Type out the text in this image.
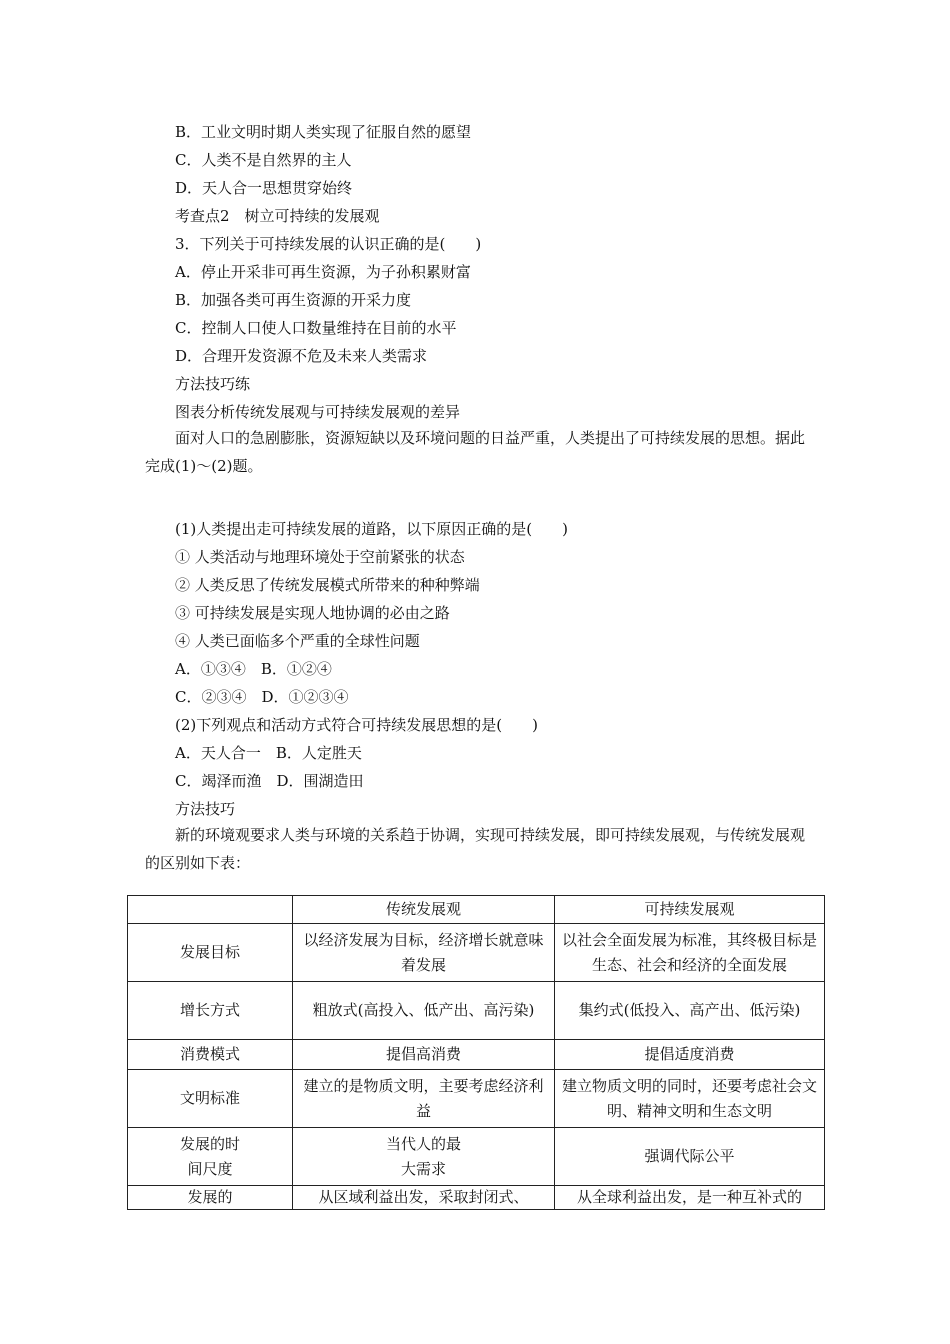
B．工业文明时期人类实现了征服自然的愿望
C．人类不是自然界的主人
D．天人合一思想贯穿始终
考查点2　树立可持续的发展观
3．下列关于可持续发展的认识正确的是(　　)
A．停止开采非可再生资源，为子孙积累财富
B．加强各类可再生资源的开采力度
C．控制人口使人口数量维持在目前的水平
D．合理开发资源不危及未来人类需求
方法技巧练
图表分析传统发展观与可持续发展观的差异
面对人口的急剧膨胀，资源短缺以及环境问题的日益严重，人类提出了可持续发展的思想。据此完成(1)～(2)题。
(1)人类提出走可持续发展的道路，以下原因正确的是(　　)
① 人类活动与地理环境处于空前紧张的状态
② 人类反思了传统发展模式所带来的种种弊端
③ 可持续发展是实现人地协调的必由之路
④ 人类已面临多个严重的全球性问题
A．①③④　B．①②④
C．②③④　D．①②③④
(2)下列观点和活动方式符合可持续发展思想的是(　　)
A．天人合一　B．人定胜天
C．竭泽而渔　D．围湖造田
方法技巧
新的环境观要求人类与环境的关系趋于协调，实现可持续发展，即可持续发展观，与传统发展观的区别如下表：
	传统发展观	可持续发展观
发展目标	以经济发展为目标，经济增长就意味着发展	以社会全面发展为标准，其终极目标是生态、社会和经济的全面发展
增长方式	粗放式(高投入、低产出、高污染)	集约式(低投入、高产出、低污染)
消费模式	提倡高消费	提倡适度消费
文明标准	建立的是物质文明，主要考虑经济利益	建立物质文明的同时，还要考虑社会文明、精神文明和生态文明
发展的时间尺度	当代人的最大需求	强调代际公平
发展的	从区域利益出发，采取封闭式、	从全球利益出发，是一种互补式的
